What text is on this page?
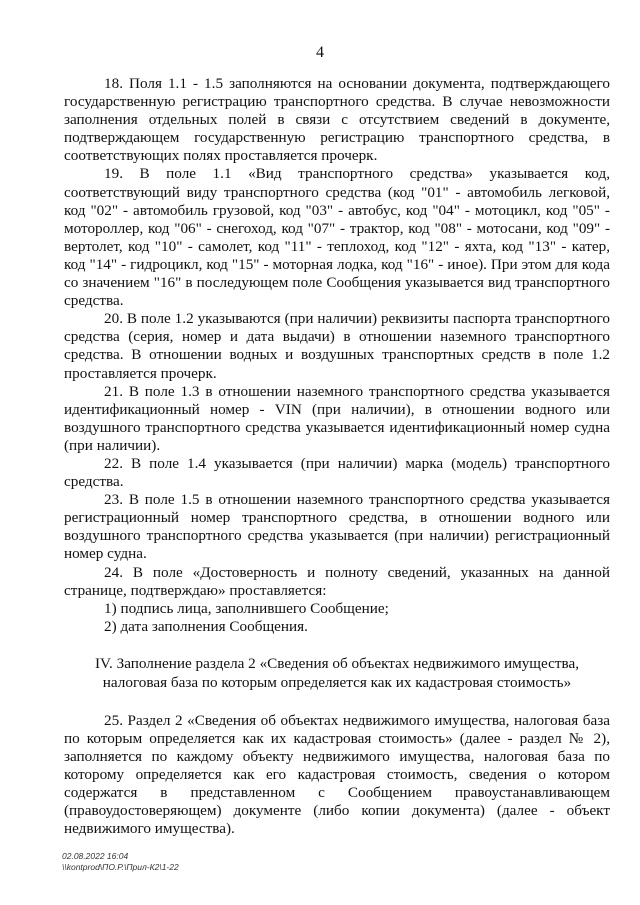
4

18. Поля 1.1 - 1.5 заполняются на основании документа, подтверждающего государственную регистрацию транспортного средства. В случае невозможности заполнения отдельных полей в связи с отсутствием сведений в документе, подтверждающем государственную регистрацию транспортного средства, в соответствующих полях проставляется прочерк.

19. В поле 1.1 «Вид транспортного средства» указывается код, соответствующий виду транспортного средства (код "01" - автомобиль легковой, код "02" - автомобиль грузовой, код "03" - автобус, код "04" - мотоцикл, код "05" - мотороллер, код "06" - снегоход, код "07" - трактор, код "08" - мотосани, код "09" - вертолет, код "10" - самолет, код "11" - теплоход, код "12" - яхта, код "13" - катер, код "14" - гидроцикл, код "15" - моторная лодка, код "16" - иное). При этом для кода со значением "16" в последующем поле Сообщения указывается вид транспортного средства.

20. В поле 1.2 указываются (при наличии) реквизиты паспорта транспортного средства (серия, номер и дата выдачи) в отношении наземного транспортного средства. В отношении водных и воздушных транспортных средств в поле 1.2 проставляется прочерк.

21. В поле 1.3 в отношении наземного транспортного средства указывается идентификационный номер - VIN (при наличии), в отношении водного или воздушного транспортного средства указывается идентификационный номер судна (при наличии).

22. В поле 1.4 указывается (при наличии) марка (модель) транспортного средства.

23. В поле 1.5 в отношении наземного транспортного средства указывается регистрационный номер транспортного средства, в отношении водного или воздушного транспортного средства указывается (при наличии) регистрационный номер судна.

24. В поле «Достоверность и полноту сведений, указанных на данной странице, подтверждаю» проставляется:

1) подпись лица, заполнившего Сообщение;

2) дата заполнения Сообщения.

IV. Заполнение раздела 2 «Сведения об объектах недвижимого имущества,
налоговая база по которым определяется как их кадастровая стоимость»

25. Раздел 2 «Сведения об объектах недвижимого имущества, налоговая база по которым определяется как их кадастровая стоимость» (далее - раздел № 2), заполняется по каждому объекту недвижимого имущества, налоговая база по которому определяется как его кадастровая стоимость, сведения о котором содержатся в представленном с Сообщением правоустанавливающем (правоудостоверяющем) документе (либо копии документа) (далее - объект недвижимого имущества).

02.08.2022 16:04
\\kontprod\ПО.Р.\Прил-К2\1-22
